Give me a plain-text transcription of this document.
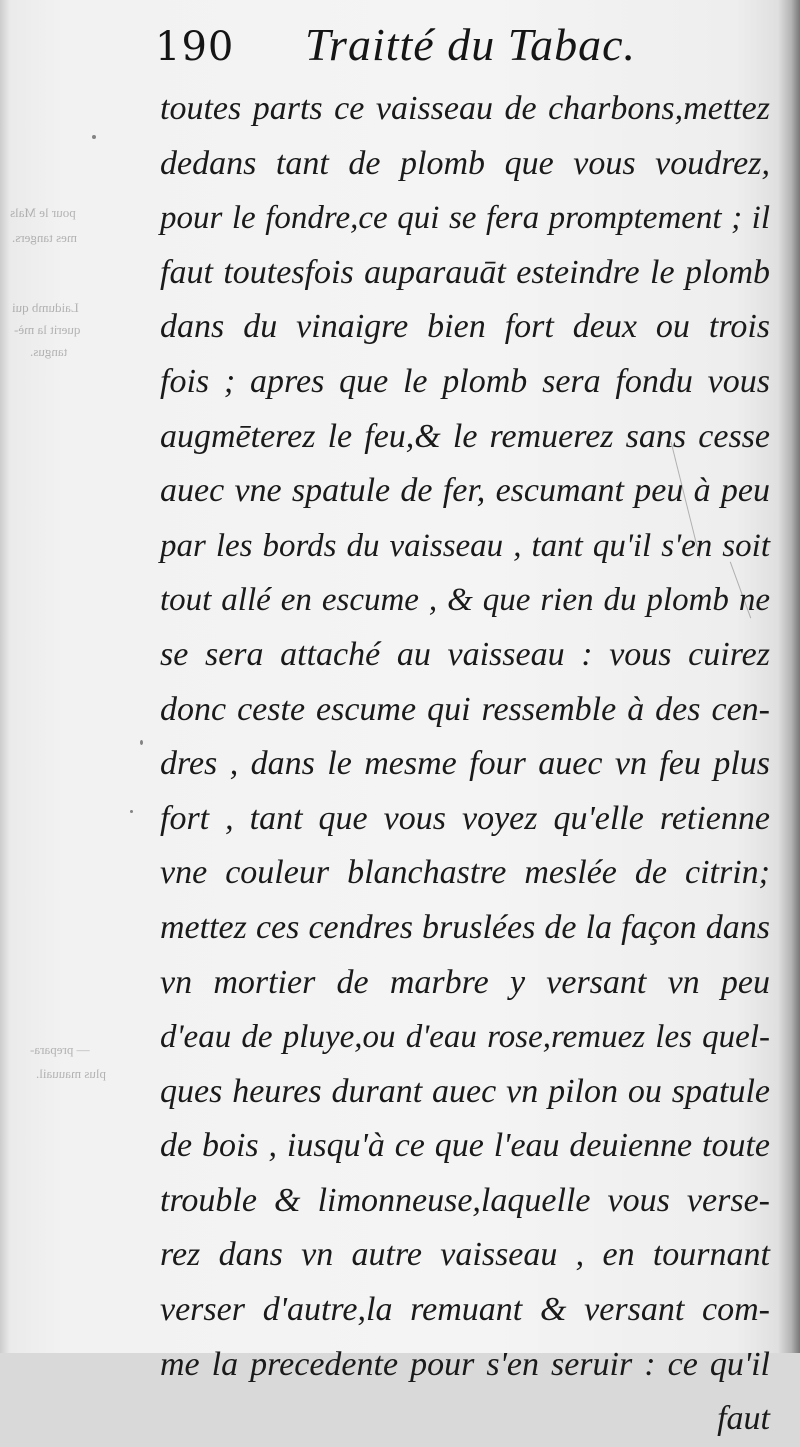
pour le Mals
mes tangers.
Laidumb qui
querit la mè-
tangus.
— prepara-
plus mauuail.
190 Traitté du Tabac.
toutes parts ce vaisseau de charbons,mettez
dedans tant de plomb que vous voudrez,
pour le fondre,ce qui se fera promptement ; il
faut toutesfois auparauāt esteindre le plomb
dans du vinaigre bien fort deux ou trois
fois ; apres que le plomb sera fondu vous
augmēterez le feu,& le remuerez sans cesse
auec vne spatule de fer, escumant peu à peu
par les bords du vaisseau , tant qu'il s'en soit
tout allé en escume , & que rien du plomb ne
se sera attaché au vaisseau : vous cuirez
donc ceste escume qui ressemble à des cen-
dres , dans le mesme four auec vn feu plus
fort , tant que vous voyez qu'elle retienne
vne couleur blanchastre meslée de citrin;
mettez ces cendres bruslées de la façon dans
vn mortier de marbre y versant vn peu
d'eau de pluye,ou d'eau rose,remuez les quel-
ques heures durant auec vn pilon ou spatule
de bois , iusqu'à ce que l'eau deuienne toute
trouble & limonneuse,laquelle vous verse-
rez dans vn autre vaisseau , en tournant
verser d'autre,la remuant & versant com-
me la precedente pour s'en seruir : ce qu'il
faut
